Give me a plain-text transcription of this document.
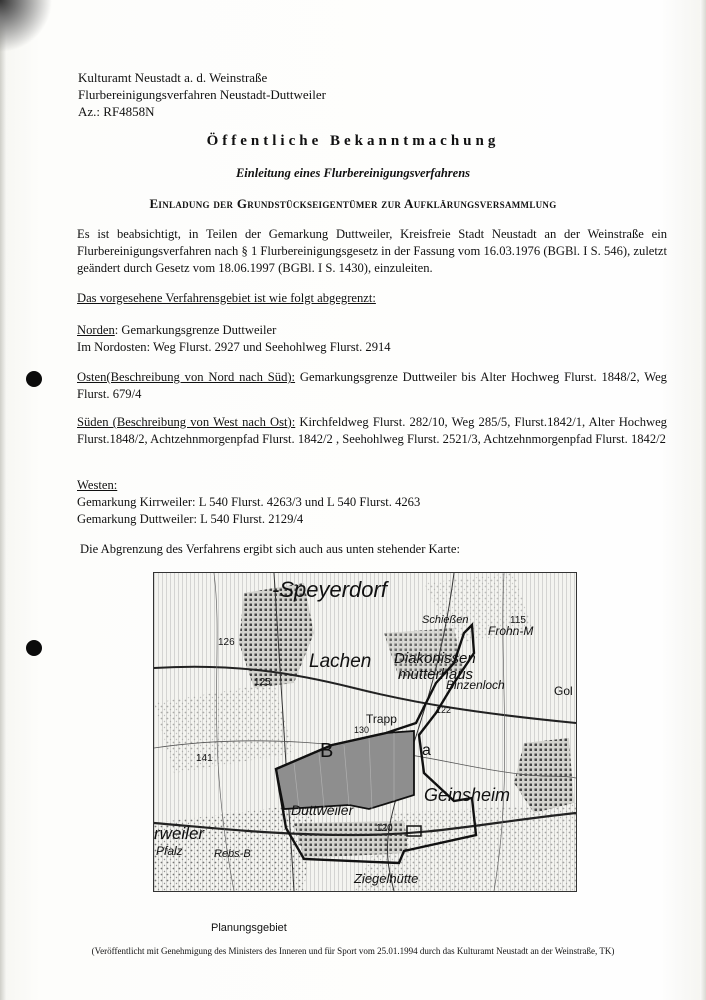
Kulturamt Neustadt a. d. Weinstraße
Flurbereinigungsverfahren Neustadt-Duttweiler
Az.: RF4858N
Öffentliche Bekanntmachung
Einleitung eines Flurbereinigungsverfahrens
Einladung der Grundstückseigentümer zur Aufklärungsversammlung
Es ist beabsichtigt, in Teilen der Gemarkung Duttweiler, Kreisfreie Stadt Neustadt an der Weinstraße ein Flurbereinigungsverfahren nach § 1 Flurbereinigungsgesetz in der Fassung vom 16.03.1976 (BGBl. I S. 546), zuletzt geändert durch Gesetz vom 18.06.1997 (BGBl. I S. 1430), einzuleiten.
Das vorgesehene Verfahrensgebiet ist wie folgt abgegrenzt:
Norden: Gemarkungsgrenze Duttweiler
Im Nordosten: Weg Flurst. 2927 und Seehohlweg Flurst. 2914
Osten(Beschreibung von Nord nach Süd): Gemarkungsgrenze Duttweiler bis Alter Hochweg Flurst. 1848/2, Weg Flurst. 679/4
Süden (Beschreibung von West nach Ost): Kirchfeldweg Flurst. 282/10, Weg 285/5, Flurst.1842/1, Alter Hochweg Flurst.1848/2, Achtzehnmorgenpfad Flurst. 1842/2 , Seehohlweg Flurst. 2521/3, Achtzehnmorgenpfad Flurst. 1842/2
Westen:
Gemarkung Kirrweiler: L 540 Flurst. 4263/3 und L 540 Flurst. 4263
Gemarkung Duttweiler: L 540 Flurst. 2129/4
Die Abgrenzung des Verfahrens ergibt sich auch aus unten stehender Karte:
-Speyerdorf
Lachen Diakonissen
mutterhaus
Schießen
Frohn-M
Binzenloch
Geinsheim
Duttweiler
Ziegelhütte
rweiler
Pfalz	Rebs-B
Trapp
Gol
B	a
126
125
115
122
130
120
141
Planungsgebiet
(Veröffentlicht mit Genehmigung des Ministers des Inneren und für Sport vom 25.01.1994 durch das Kulturamt Neustadt an der Weinstraße, TK)
